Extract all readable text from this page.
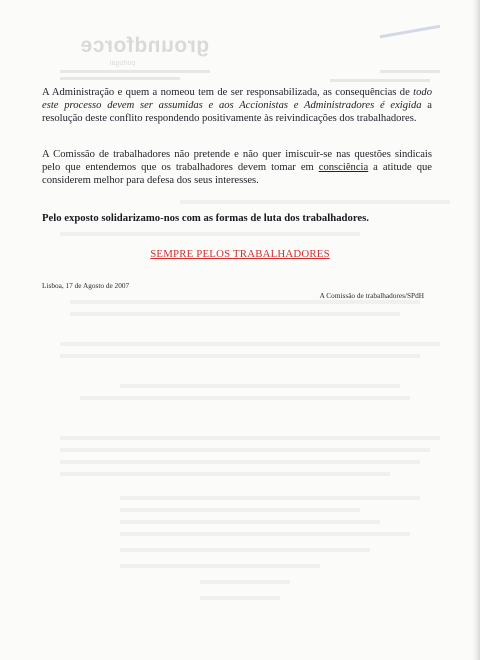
groundforce
portugal

A Administração e quem a nomeou tem de ser responsabilizada, as consequências de todo este processo devem ser assumidas e aos Accionistas e Administradores é exigida a resolução deste conflito respondendo positivamente às reivindicações dos trabalhadores.

A Comissão de trabalhadores não pretende e não quer imiscuir-se nas questões sindicais pelo que entendemos que os trabalhadores devem tomar em consciência a atitude que considerem melhor para defesa dos seus interesses.

Pelo exposto solidarizamo-nos com as formas de luta dos trabalhadores.
SEMPRE PELOS TRABALHADORES
Lisboa, 17 de Agosto de 2007
A Comissão de trabalhadores/SPdH
